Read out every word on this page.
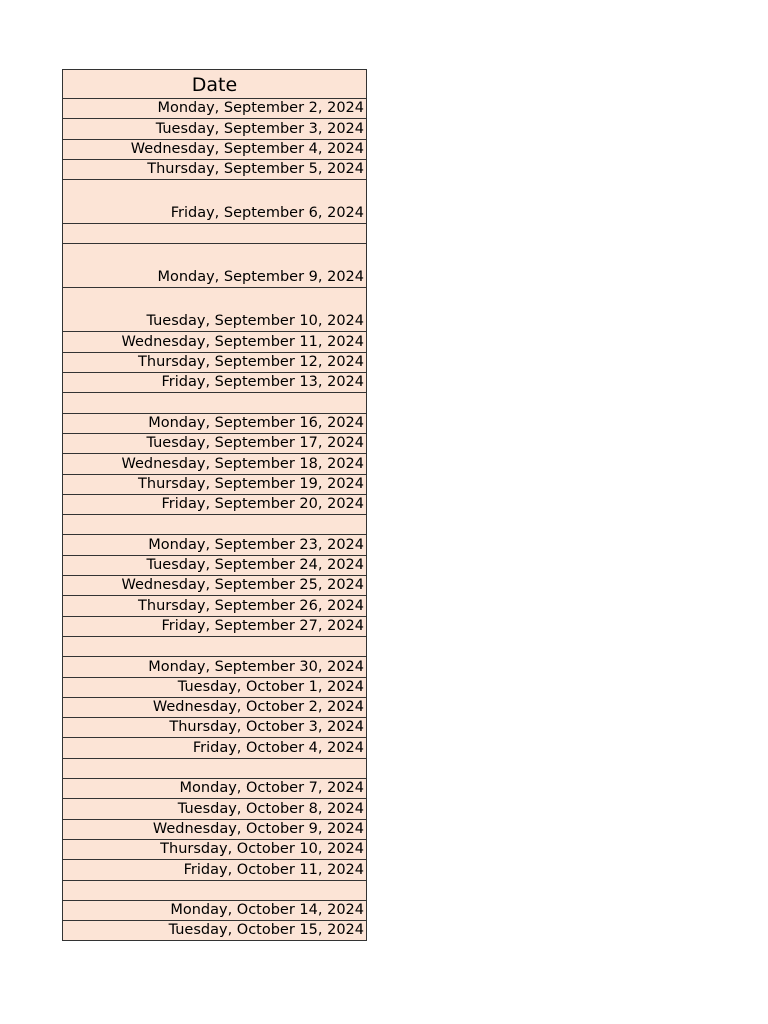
Date
Monday, September 2, 2024
Tuesday, September 3, 2024
Wednesday, September 4, 2024
Thursday, September 5, 2024
Friday, September 6, 2024
Monday, September 9, 2024
Tuesday, September 10, 2024
Wednesday, September 11, 2024
Thursday, September 12, 2024
Friday, September 13, 2024
Monday, September 16, 2024
Tuesday, September 17, 2024
Wednesday, September 18, 2024
Thursday, September 19, 2024
Friday, September 20, 2024
Monday, September 23, 2024
Tuesday, September 24, 2024
Wednesday, September 25, 2024
Thursday, September 26, 2024
Friday, September 27, 2024
Monday, September 30, 2024
Tuesday, October 1, 2024
Wednesday, October 2, 2024
Thursday, October 3, 2024
Friday, October 4, 2024
Monday, October 7, 2024
Tuesday, October 8, 2024
Wednesday, October 9, 2024
Thursday, October 10, 2024
Friday, October 11, 2024
Monday, October 14, 2024
Tuesday, October 15, 2024
